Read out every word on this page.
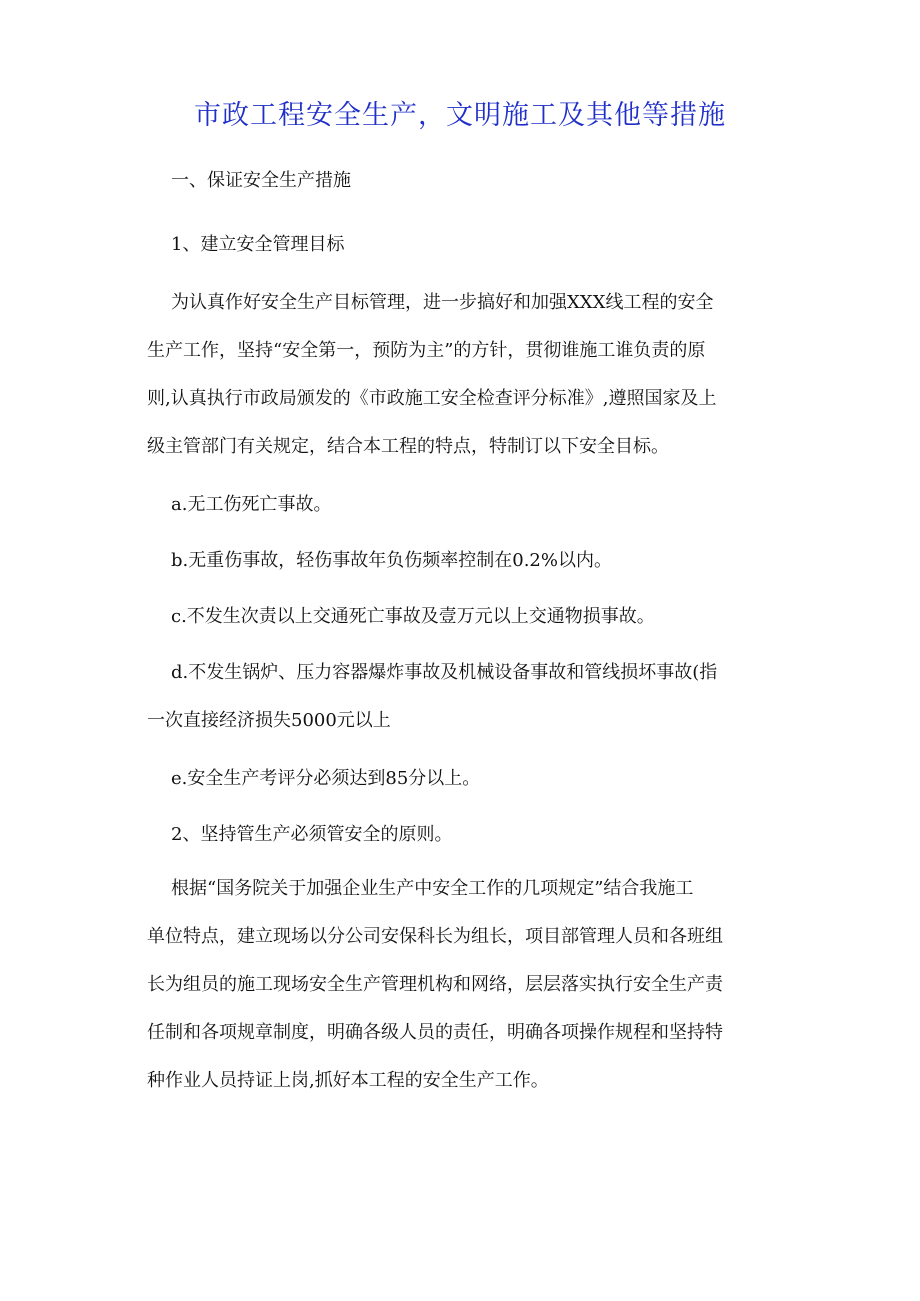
市政工程安全生产，文明施工及其他等措施

一、保证安全生产措施

1、建立安全管理目标

为认真作好安全生产目标管理，进一步搞好和加强XXX线工程的安全

生产工作，坚持“安全第一，预防为主”的方针，贯彻谁施工谁负责的原

则,认真执行市政局颁发的《市政施工安全检查评分标准》,遵照国家及上

级主管部门有关规定，结合本工程的特点，特制订以下安全目标。

a.无工伤死亡事故。

b.无重伤事故，轻伤事故年负伤频率控制在0.2%以内。

c.不发生次责以上交通死亡事故及壹万元以上交通物损事故。

d.不发生锅炉、压力容器爆炸事故及机械设备事故和管线损坏事故(指

一次直接经济损失5000元以上

e.安全生产考评分必须达到85分以上。

2、坚持管生产必须管安全的原则。

根据“国务院关于加强企业生产中安全工作的几项规定”结合我施工

单位特点，建立现场以分公司安保科长为组长，项目部管理人员和各班组

长为组员的施工现场安全生产管理机构和网络，层层落实执行安全生产责

任制和各项规章制度，明确各级人员的责任，明确各项操作规程和坚持特

种作业人员持证上岗,抓好本工程的安全生产工作。
